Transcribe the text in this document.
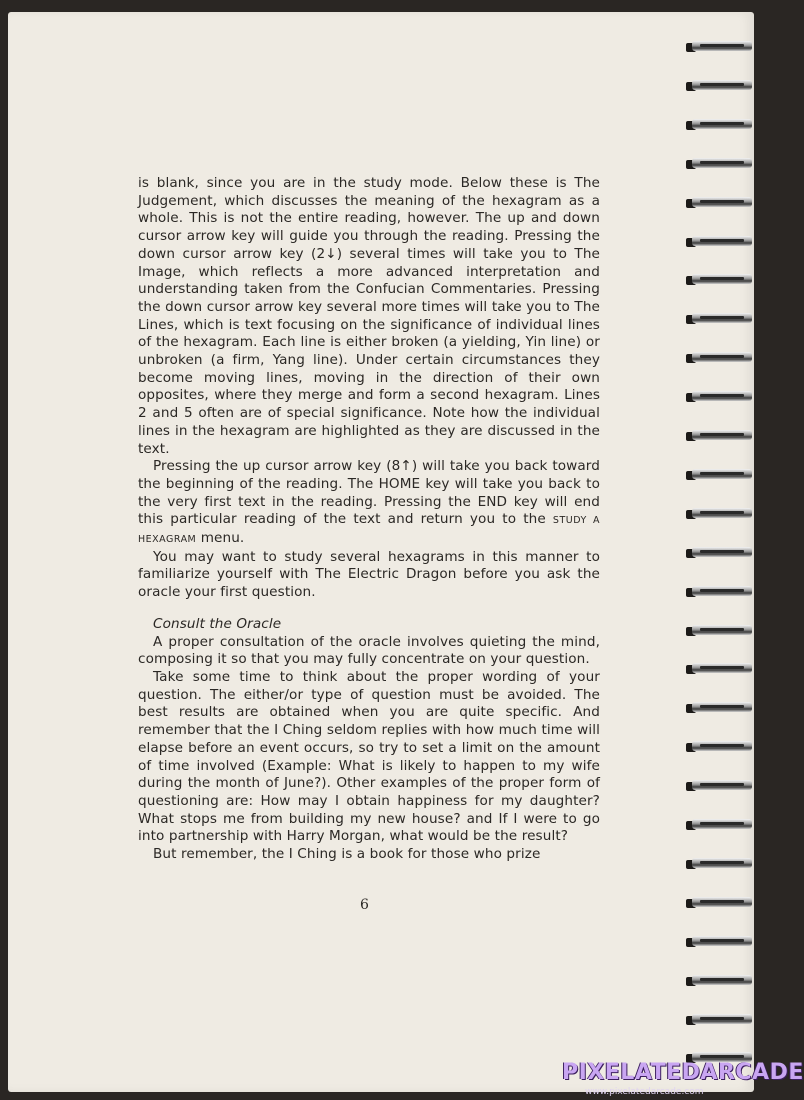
is blank, since you are in the study mode. Below these is The Judgement, which discusses the meaning of the hexagram as a whole. This is not the entire reading, however. The up and down cursor arrow key will guide you through the reading. Pressing the down cursor arrow key (2↓) several times will take you to The Image, which reflects a more advanced interpretation and understanding taken from the Confucian Commentaries. Pressing the down cursor arrow key several more times will take you to The Lines, which is text focusing on the significance of individual lines of the hexagram. Each line is either broken (a yielding, Yin line) or unbroken (a firm, Yang line). Under certain circumstances they become moving lines, moving in the direction of their own opposites, where they merge and form a second hexagram. Lines 2 and 5 often are of special significance. Note how the individual lines in the hexagram are highlighted as they are discussed in the text.

Pressing the up cursor arrow key (8↑) will take you back toward the beginning of the reading. The HOME key will take you back to the very first text in the reading. Pressing the END key will end this particular reading of the text and return you to the STUDY A HEXAGRAM menu.

You may want to study several hexagrams in this manner to familiarize yourself with The Electric Dragon before you ask the oracle your first question.

Consult the Oracle

A proper consultation of the oracle involves quieting the mind, composing it so that you may fully concentrate on your question.

Take some time to think about the proper wording of your question. The either/or type of question must be avoided. The best results are obtained when you are quite specific. And remember that the I Ching seldom replies with how much time will elapse before an event occurs, so try to set a limit on the amount of time involved (Example: What is likely to happen to my wife during the month of June?). Other examples of the proper form of questioning are: How may I obtain happiness for my daughter? What stops me from building my new house? and If I were to go into partnership with Harry Morgan, what would be the result?

But remember, the I Ching is a book for those who prize

6
PIXELATEDARCADE
www.pixelatedarcade.com
